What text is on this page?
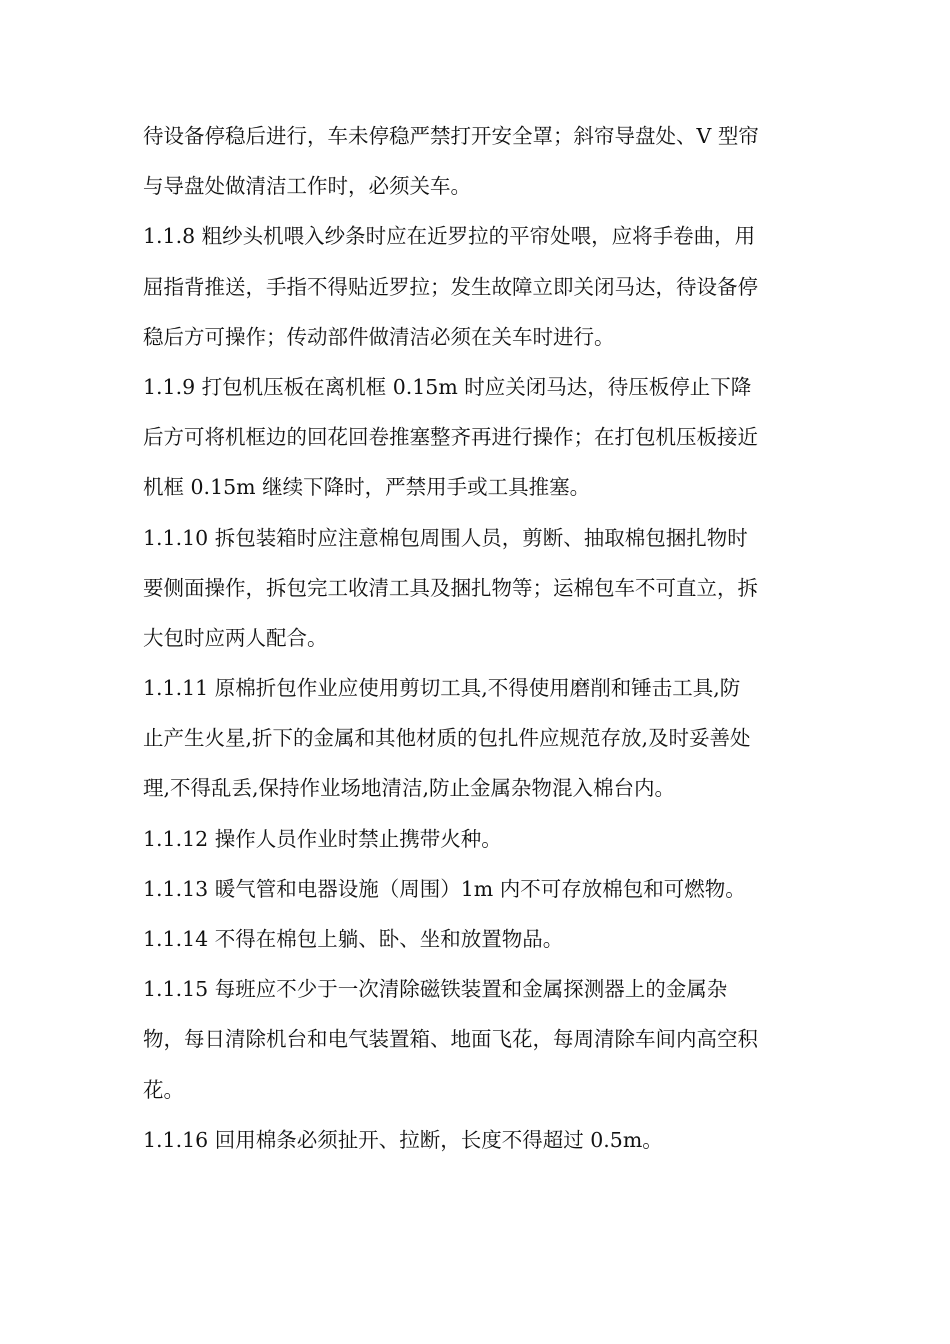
待设备停稳后进行，车未停稳严禁打开安全罩；斜帘导盘处、V 型帘
与导盘处做清洁工作时，必须关车。
1.1.8 粗纱头机喂入纱条时应在近罗拉的平帘处喂，应将手卷曲，用
屈指背推送，手指不得贴近罗拉；发生故障立即关闭马达，待设备停
稳后方可操作；传动部件做清洁必须在关车时进行。
1.1.9 打包机压板在离机框 0.15m 时应关闭马达，待压板停止下降
后方可将机框边的回花回卷推塞整齐再进行操作；在打包机压板接近
机框 0.15m 继续下降时，严禁用手或工具推塞。
1.1.10 拆包装箱时应注意棉包周围人员，剪断、抽取棉包捆扎物时
要侧面操作，拆包完工收清工具及捆扎物等；运棉包车不可直立，拆
大包时应两人配合。
1.1.11 原棉折包作业应使用剪切工具,不得使用磨削和锤击工具,防
止产生火星,折下的金属和其他材质的包扎件应规范存放,及时妥善处
理,不得乱丢,保持作业场地清洁,防止金属杂物混入棉台内。
1.1.12 操作人员作业时禁止携带火种。
1.1.13 暖气管和电器设施（周围）1m 内不可存放棉包和可燃物。
1.1.14 不得在棉包上躺、卧、坐和放置物品。
1.1.15 每班应不少于一次清除磁铁装置和金属探测器上的金属杂
物，每日清除机台和电气装置箱、地面飞花，每周清除车间内高空积
花。
1.1.16 回用棉条必须扯开、拉断，长度不得超过 0.5m。
